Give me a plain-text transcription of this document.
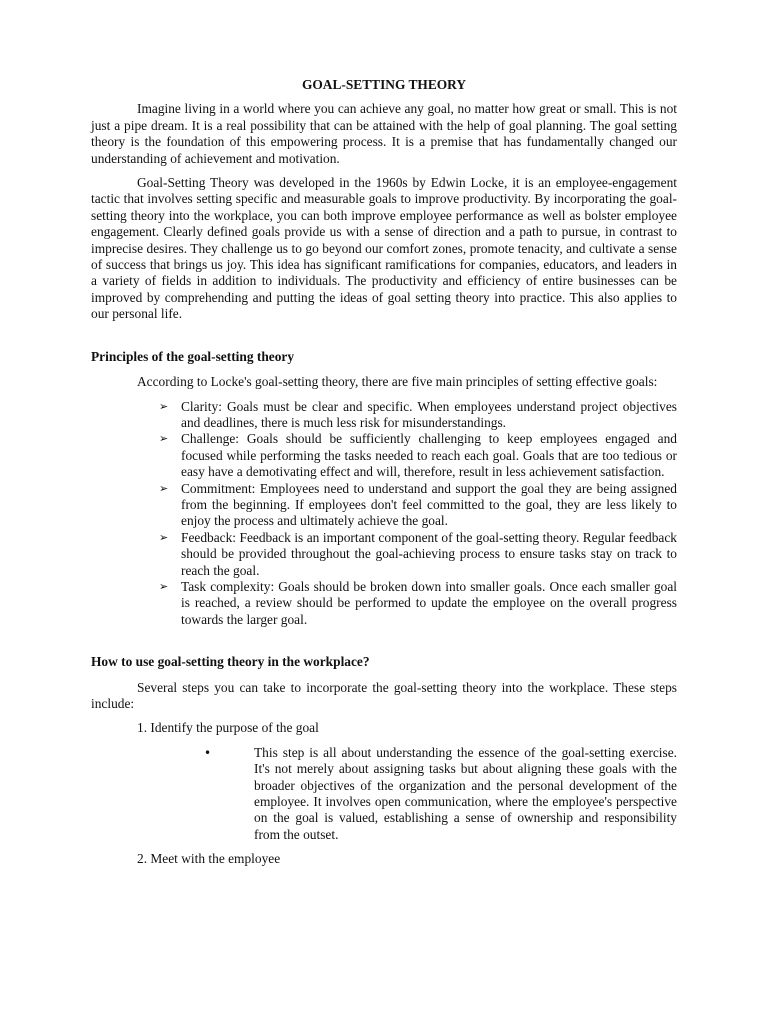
GOAL-SETTING THEORY

Imagine living in a world where you can achieve any goal, no matter how great or small. This is not just a pipe dream. It is a real possibility that can be attained with the help of goal planning. The goal setting theory is the foundation of this empowering process. It is a premise that has fundamentally changed our understanding of achievement and motivation.

Goal-Setting Theory was developed in the 1960s by Edwin Locke, it is an employee-engagement tactic that involves setting specific and measurable goals to improve productivity. By incorporating the goal-setting theory into the workplace, you can both improve employee performance as well as bolster employee engagement. Clearly defined goals provide us with a sense of direction and a path to pursue, in contrast to imprecise desires. They challenge us to go beyond our comfort zones, promote tenacity, and cultivate a sense of success that brings us joy. This idea has significant ramifications for companies, educators, and leaders in a variety of fields in addition to individuals. The productivity and efficiency of entire businesses can be improved by comprehending and putting the ideas of goal setting theory into practice. This also applies to our personal life.

Principles of the goal-setting theory

According to Locke's goal-setting theory, there are five main principles of setting effective goals:

➢ Clarity: Goals must be clear and specific. When employees understand project objectives and deadlines, there is much less risk for misunderstandings.
➢ Challenge: Goals should be sufficiently challenging to keep employees engaged and focused while performing the tasks needed to reach each goal. Goals that are too tedious or easy have a demotivating effect and will, therefore, result in less achievement satisfaction.
➢ Commitment: Employees need to understand and support the goal they are being assigned from the beginning. If employees don't feel committed to the goal, they are less likely to enjoy the process and ultimately achieve the goal.
➢ Feedback: Feedback is an important component of the goal-setting theory. Regular feedback should be provided throughout the goal-achieving process to ensure tasks stay on track to reach the goal.
➢ Task complexity: Goals should be broken down into smaller goals. Once each smaller goal is reached, a review should be performed to update the employee on the overall progress towards the larger goal.
How to use goal-setting theory in the workplace?

Several steps you can take to incorporate the goal-setting theory into the workplace. These steps include:

1. Identify the purpose of the goal
•	This step is all about understanding the essence of the goal-setting exercise. It's not merely about assigning tasks but about aligning these goals with the broader objectives of the organization and the personal development of the employee. It involves open communication, where the employee's perspective on the goal is valued, establishing a sense of ownership and responsibility from the outset.
2. Meet with the employee
